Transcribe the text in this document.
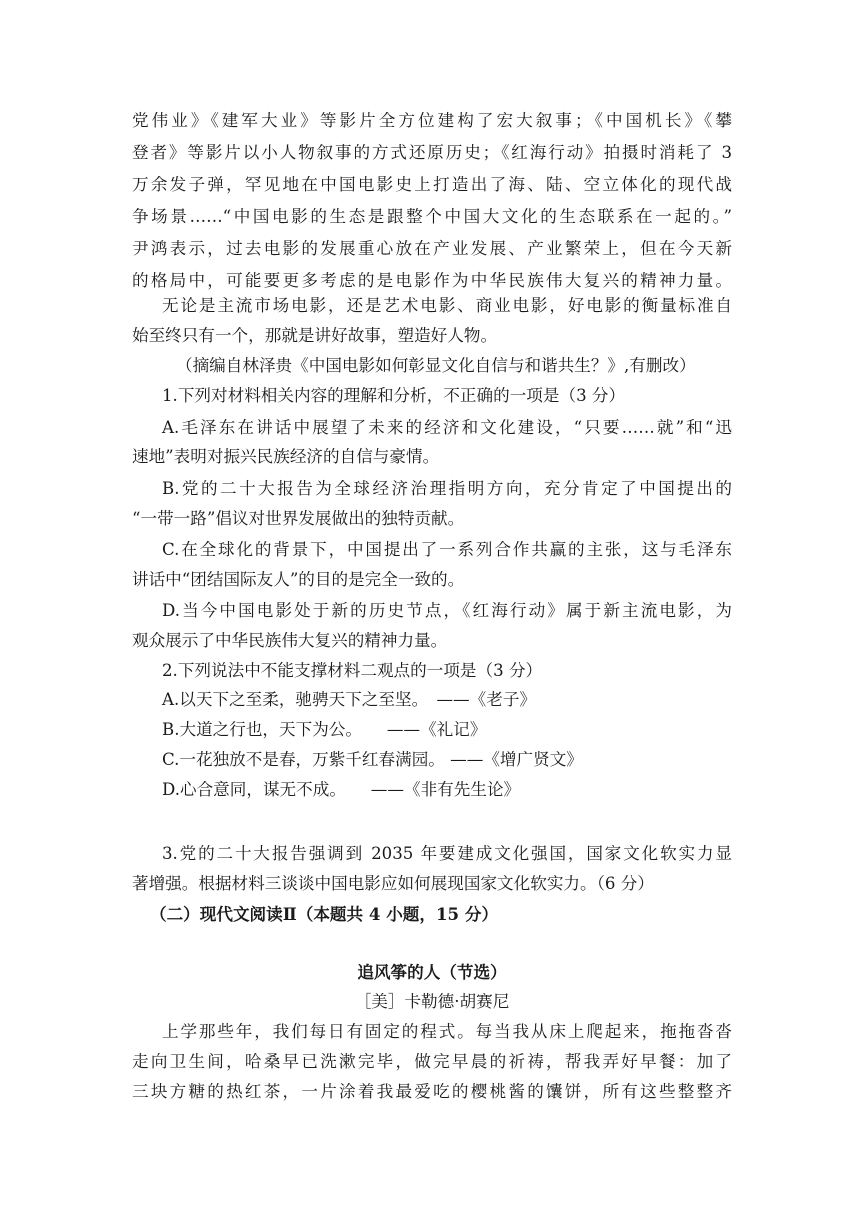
党伟业》《建军大业》等影片全方位建构了宏大叙事；《中国机长》《攀
登者》等影片以小人物叙事的方式还原历史；《红海行动》拍摄时消耗了 3
万余发子弹，罕见地在中国电影史上打造出了海、陆、空立体化的现代战
争场景……“中国电影的生态是跟整个中国大文化的生态联系在一起的。”
尹鸿表示，过去电影的发展重心放在产业发展、产业繁荣上，但在今天新
的格局中，可能要更多考虑的是电影作为中华民族伟大复兴的精神力量。
无论是主流市场电影，还是艺术电影、商业电影，好电影的衡量标准自
始至终只有一个，那就是讲好故事，塑造好人物。
（摘编自林泽贵《中国电影如何彰显文化自信与和谐共生？》,有删改）
1.下列对材料相关内容的理解和分析，不正确的一项是（3 分）
A.毛泽东在讲话中展望了未来的经济和文化建设，“只要……就”和“迅
速地”表明对振兴民族经济的自信与豪情。
B.党的二十大报告为全球经济治理指明方向，充分肯定了中国提出的
“一带一路”倡议对世界发展做出的独特贡献。
C.在全球化的背景下，中国提出了一系列合作共赢的主张，这与毛泽东
讲话中“团结国际友人”的目的是完全一致的。
D.当今中国电影处于新的历史节点，《红海行动》属于新主流电影，为
观众展示了中华民族伟大复兴的精神力量。
2.下列说法中不能支撑材料二观点的一项是（3 分）
A.以天下之至柔，驰骋天下之至坚。　——《老子》
B.大道之行也，天下为公。　　——《礼记》
C.一花独放不是春，万紫千红春满园。 ——《增广贤文》
D.心合意同，谋无不成。　　——《非有先生论》
3.党的二十大报告强调到 2035 年要建成文化强国，国家文化软实力显
著增强。根据材料三谈谈中国电影应如何展现国家文化软实力。（6 分）
（二）现代文阅读Ⅱ（本题共 4 小题，15 分）
追风筝的人（节选）
［美］卡勒德·胡赛尼
上学那些年，我们每日有固定的程式。每当我从床上爬起来，拖拖沓沓
走向卫生间，哈桑早已洗漱完毕，做完早晨的祈祷，帮我弄好早餐：加了
三块方糖的热红茶，一片涂着我最爱吃的樱桃酱的馕饼，所有这些整整齐
